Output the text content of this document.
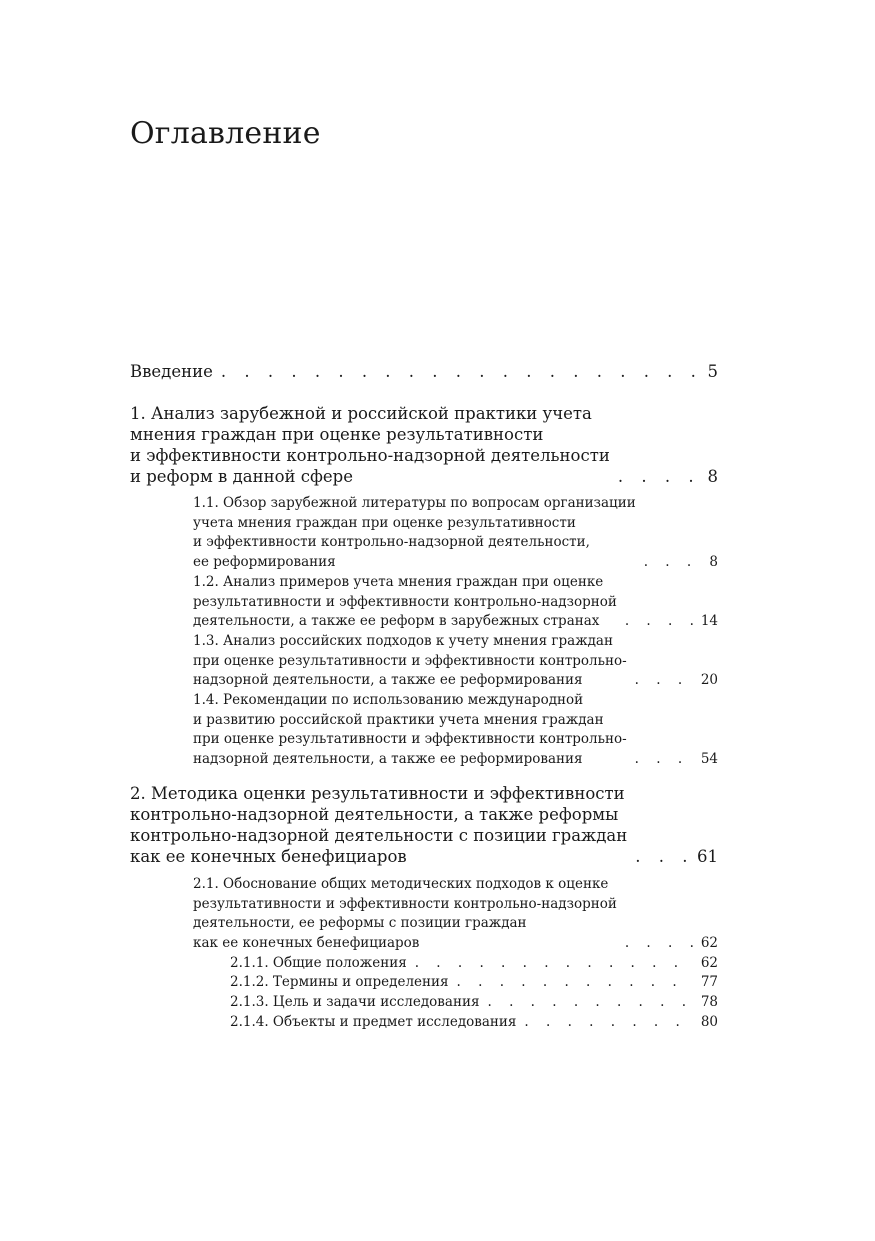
Оглавление
Введение . . .	5
1. Анализ зарубежной и российской практики учета
мнения граждан при оценке результативности
и эффективности контрольно-надзорной деятельности
и реформ в данной сфере . . .	8
1.1. Обзор зарубежной литературы по вопросам организации
учета мнения граждан при оценке результативности
и эффективности контрольно-надзорной деятельности,
ее реформирования . . .	8
1.2. Анализ примеров учета мнения граждан при оценке
результативности и эффективности контрольно-надзорной
деятельности, а также ее реформ в зарубежных странах . . .	14
1.3. Анализ российских подходов к учету мнения граждан
при оценке результативности и эффективности контрольно-
надзорной деятельности, а также ее реформирования . . .	20
1.4. Рекомендации по использованию международной
и развитию российской практики учета мнения граждан
при оценке результативности и эффективности контрольно-
надзорной деятельности, а также ее реформирования . . .	54
2. Методика оценки результативности и эффективности
контрольно-надзорной деятельности, а также реформы
контрольно-надзорной деятельности с позиции граждан
как ее конечных бенефициаров . . .	61
2.1. Обоснование общих методических подходов к оценке
результативности и эффективности контрольно-надзорной
деятельности, ее реформы с позиции граждан
как ее конечных бенефициаров . . .	62
2.1.1. Общие положения . . .	62
2.1.2. Термины и определения . . .	77
2.1.3. Цель и задачи исследования . . .	78
2.1.4. Объекты и предмет исследования . . .	80
